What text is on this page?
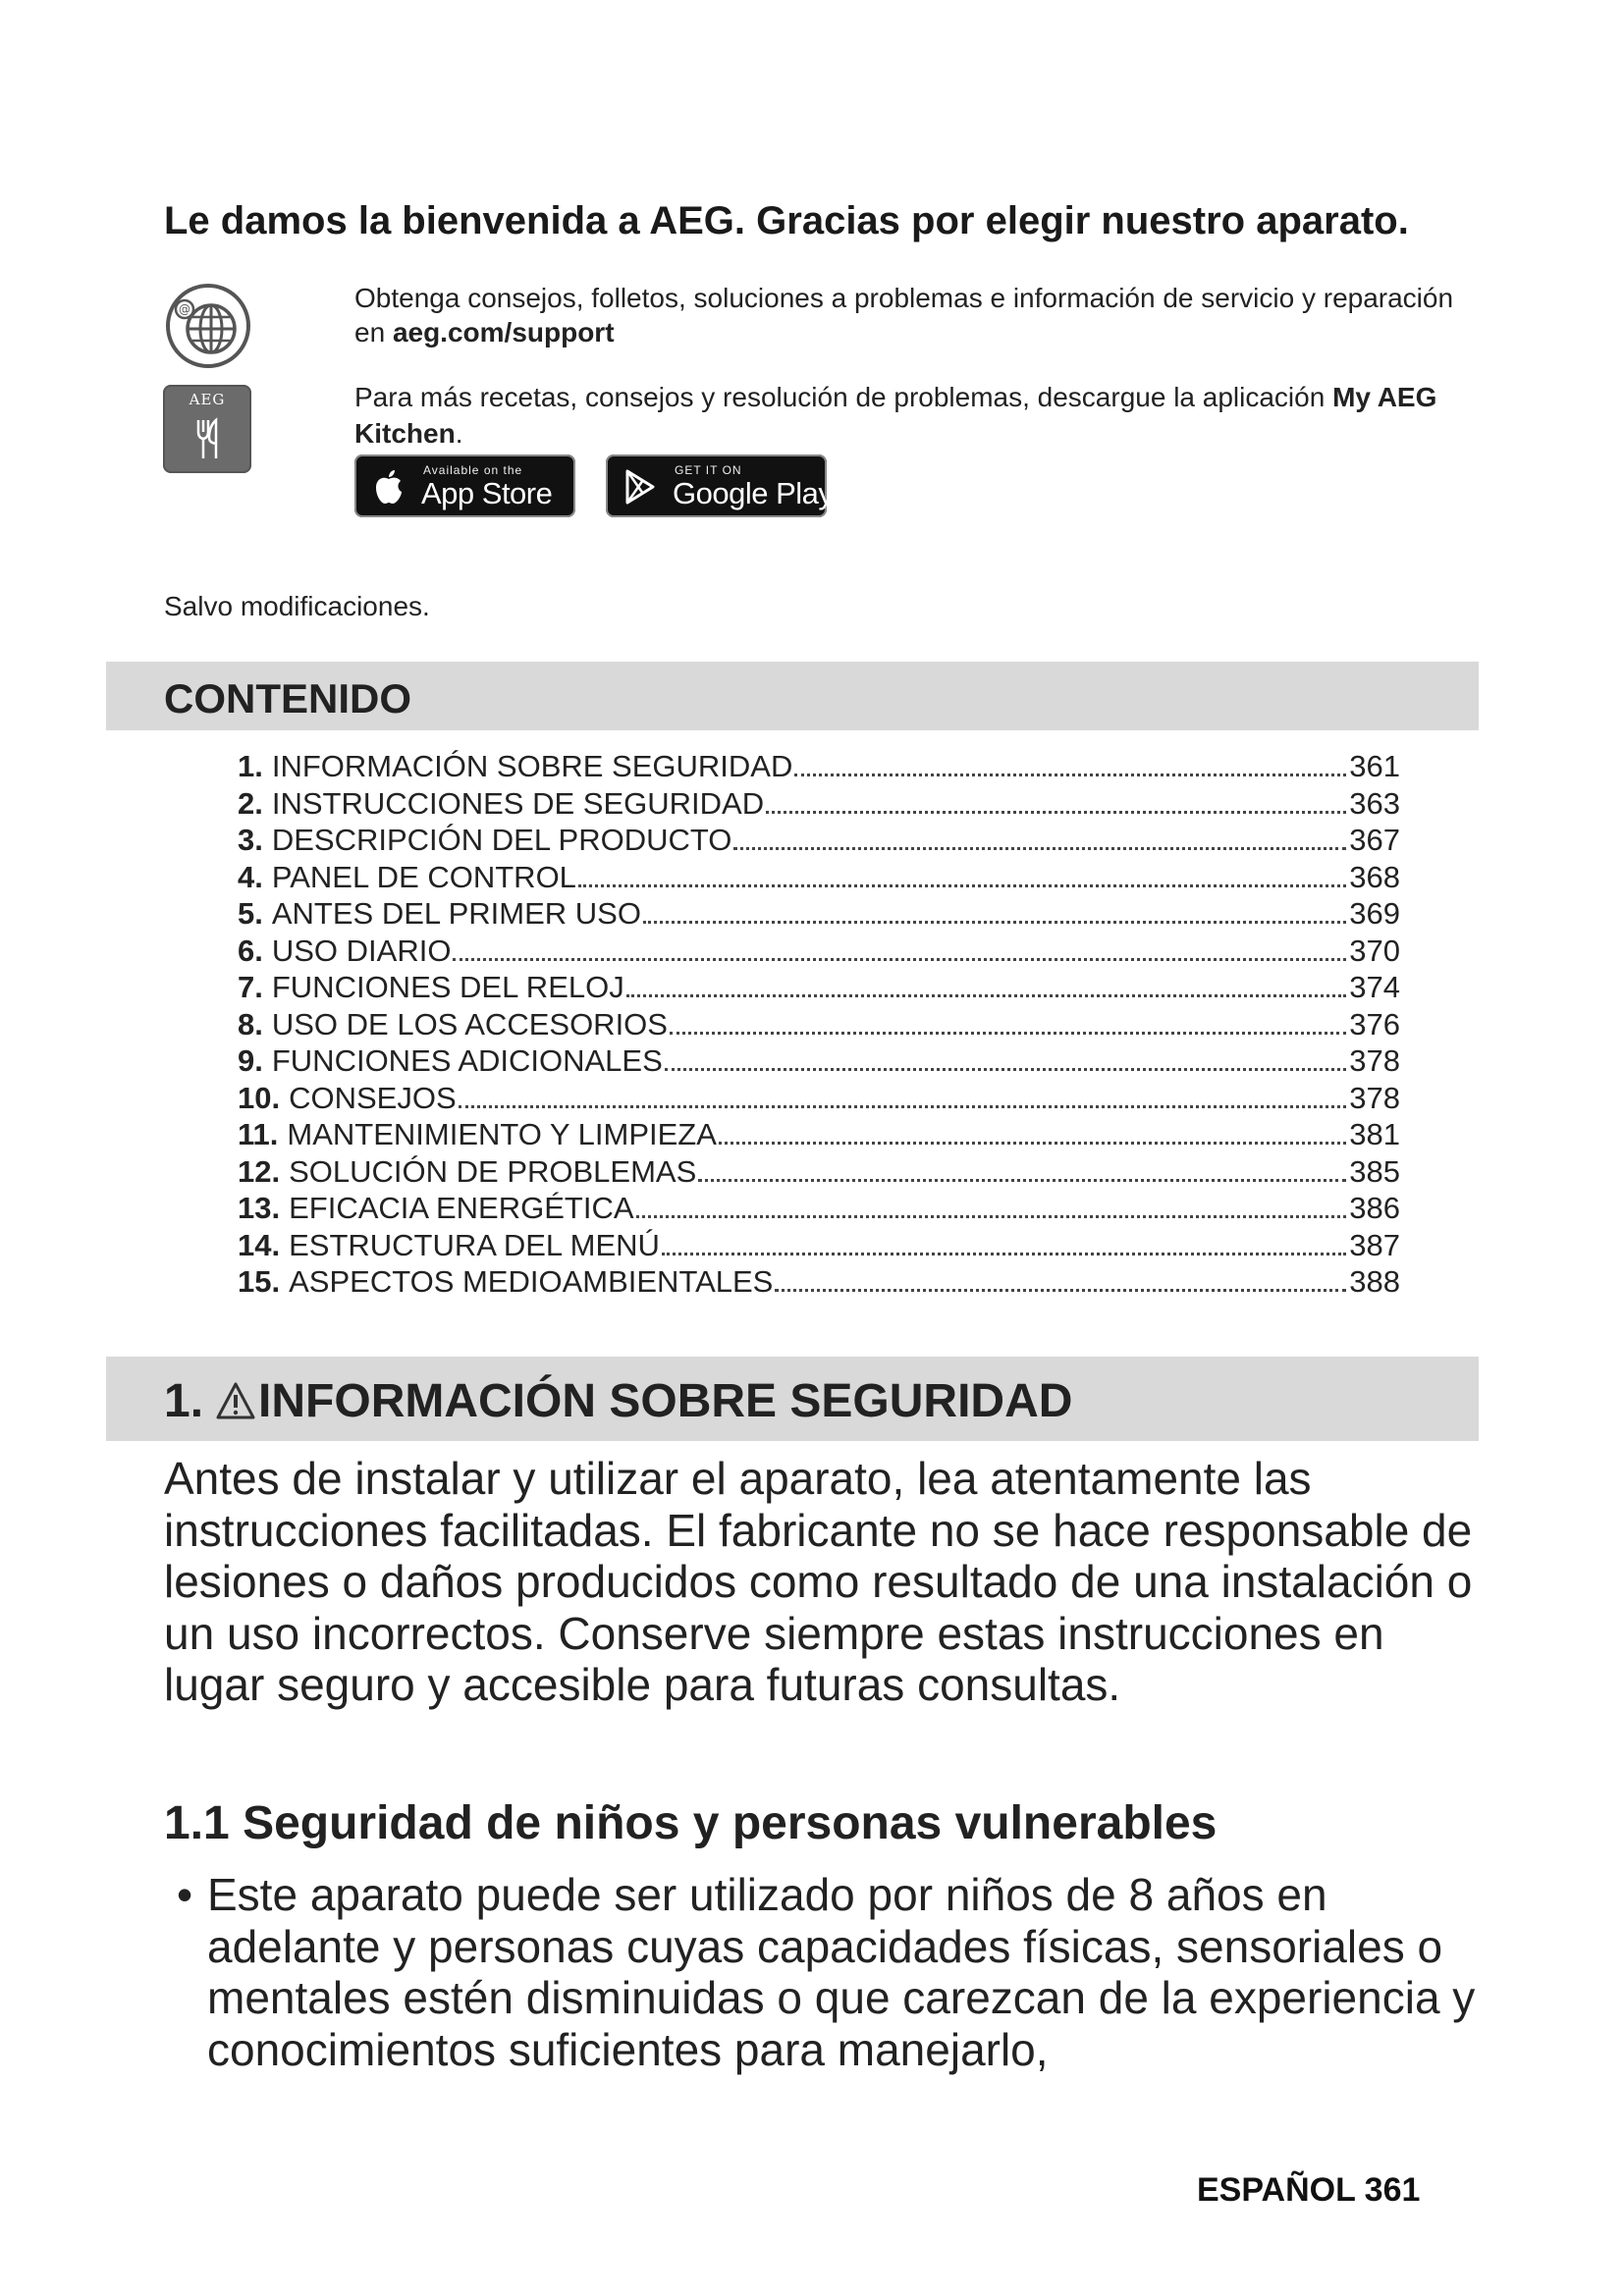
Le damos la bienvenida a AEG. Gracias por elegir nuestro aparato.
@
AEG

Obtenga consejos, folletos, soluciones a problemas e información de servicio y reparación en aeg.com/support

Para más recetas, consejos y resolución de problemas, descargue la aplicación My AEG Kitchen.

Available on the
App Store
GET IT ON
Google Play

Salvo modificaciones.

CONTENIDO
1. INFORMACIÓN SOBRE SEGURIDAD	361
2. INSTRUCCIONES DE SEGURIDAD	363
3. DESCRIPCIÓN DEL PRODUCTO	367
4. PANEL DE CONTROL	368
5. ANTES DEL PRIMER USO	369
6. USO DIARIO	370
7. FUNCIONES DEL RELOJ	374
8. USO DE LOS ACCESORIOS	376
9. FUNCIONES ADICIONALES	378
10. CONSEJOS	378
11. MANTENIMIENTO Y LIMPIEZA	381
12. SOLUCIÓN DE PROBLEMAS	385
13. EFICACIA ENERGÉTICA	386
14. ESTRUCTURA DEL MENÚ	387
15. ASPECTOS MEDIOAMBIENTALES	388
1. INFORMACIÓN SOBRE SEGURIDAD

Antes de instalar y utilizar el aparato, lea atentamente las instrucciones facilitadas. El fabricante no se hace responsable de lesiones o daños producidos como resultado de una instalación o un uso incorrectos. Conserve siempre estas instrucciones en lugar seguro y accesible para futuras consultas.

1.1 Seguridad de niños y personas vulnerables

• Este aparato puede ser utilizado por niños de 8 años en adelante y personas cuyas capacidades físicas, sensoriales o mentales estén disminuidas o que carezcan de la experiencia y conocimientos suficientes para manejarlo,

ESPAÑOL 361
